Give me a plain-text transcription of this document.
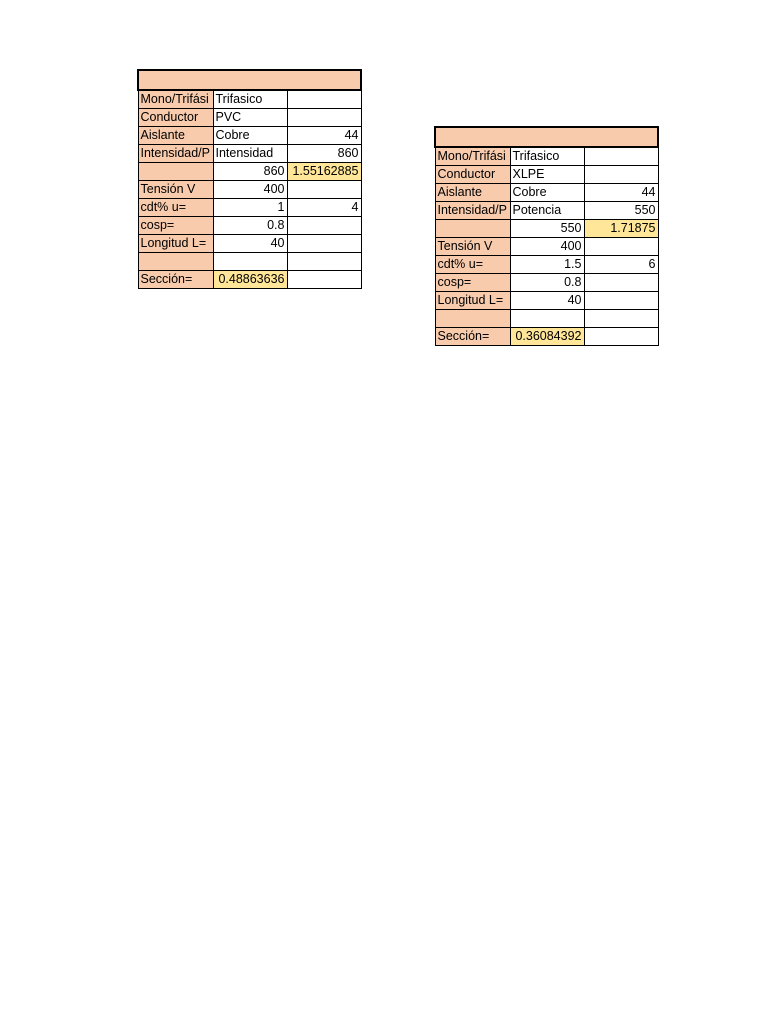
Mono/Trifási	Trifasico	
Conductor	PVC	
Aislante	Cobre	44
Intensidad/P	Intensidad	860
	860	1.55162885
Tensión V	400	
cdt% u=	1	4
cosp=	0.8	
Longitud L=	40	

Sección=	0.48863636	

Mono/Trifási	Trifasico	
Conductor	XLPE	
Aislante	Cobre	44
Intensidad/P	Potencia	550
	550	1.71875
Tensión V	400	
cdt% u=	1.5	6
cosp=	0.8	
Longitud L=	40	

Sección=	0.36084392	
